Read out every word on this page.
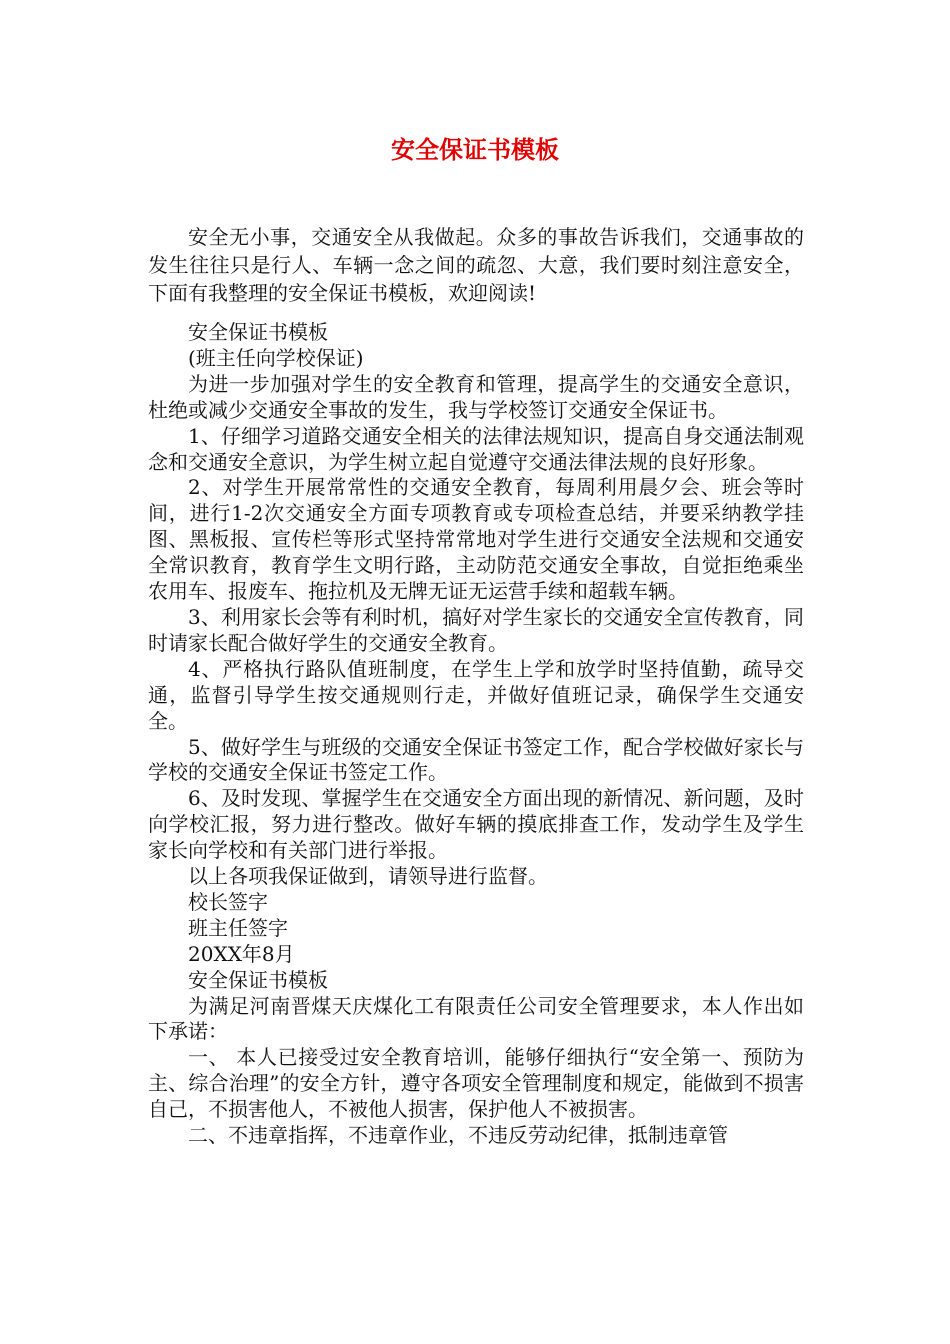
安全保证书模板

安全无小事，交通安全从我做起。众多的事故告诉我们，交通事故的发生往往只是行人、车辆一念之间的疏忽、大意，我们要时刻注意安全，下面有我整理的安全保证书模板，欢迎阅读!

安全保证书模板

(班主任向学校保证)

为进一步加强对学生的安全教育和管理，提高学生的交通安全意识，杜绝或减少交通安全事故的发生，我与学校签订交通安全保证书。

1、仔细学习道路交通安全相关的法律法规知识，提高自身交通法制观念和交通安全意识，为学生树立起自觉遵守交通法律法规的良好形象。

2、对学生开展常常性的交通安全教育，每周利用晨夕会、班会等时间，进行1-2次交通安全方面专项教育或专项检查总结，并要采纳教学挂图、黑板报、宣传栏等形式坚持常常地对学生进行交通安全法规和交通安全常识教育，教育学生文明行路，主动防范交通安全事故，自觉拒绝乘坐农用车、报废车、拖拉机及无牌无证无运营手续和超载车辆。

3、利用家长会等有利时机，搞好对学生家长的交通安全宣传教育，同时请家长配合做好学生的交通安全教育。

4、严格执行路队值班制度，在学生上学和放学时坚持值勤，疏导交通，监督引导学生按交通规则行走，并做好值班记录，确保学生交通安全。

5、做好学生与班级的交通安全保证书签定工作，配合学校做好家长与学校的交通安全保证书签定工作。

6、及时发现、掌握学生在交通安全方面出现的新情况、新问题，及时向学校汇报，努力进行整改。做好车辆的摸底排查工作，发动学生及学生家长向学校和有关部门进行举报。

以上各项我保证做到，请领导进行监督。

校长签字

班主任签字

20XX年8月

安全保证书模板

为满足河南晋煤天庆煤化工有限责任公司安全管理要求，本人作出如下承诺：

一、 本人已接受过安全教育培训，能够仔细执行“安全第一、预防为主、综合治理”的安全方针，遵守各项安全管理制度和规定，能做到不损害自己，不损害他人，不被他人损害，保护他人不被损害。

二、不违章指挥，不违章作业，不违反劳动纪律，抵制违章管
